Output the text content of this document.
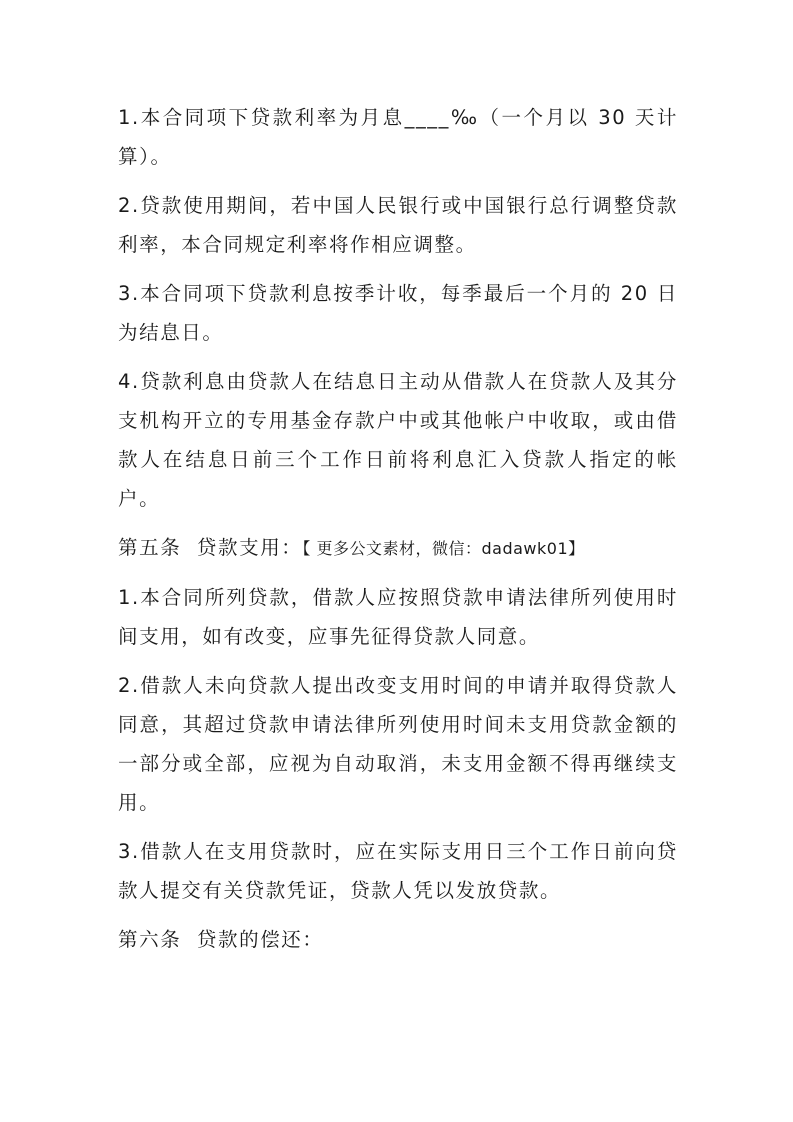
1.本合同项下贷款利率为月息____‰（一个月以 30 天计算）。

2.贷款使用期间，若中国人民银行或中国银行总行调整贷款利率，本合同规定利率将作相应调整。

3.本合同项下贷款利息按季计收，每季最后一个月的 20 日为结息日。

4.贷款利息由贷款人在结息日主动从借款人在贷款人及其分支机构开立的专用基金存款户中或其他帐户中收取，或由借款人在结息日前三个工作日前将利息汇入贷款人指定的帐户。

第五条  贷款支用：【 更多公文素材，微信：dadawk01】

1.本合同所列贷款，借款人应按照贷款申请法律所列使用时间支用，如有改变，应事先征得贷款人同意。

2.借款人未向贷款人提出改变支用时间的申请并取得贷款人同意，其超过贷款申请法律所列使用时间未支用贷款金额的一部分或全部，应视为自动取消，未支用金额不得再继续支用。

3.借款人在支用贷款时，应在实际支用日三个工作日前向贷款人提交有关贷款凭证，贷款人凭以发放贷款。

第六条  贷款的偿还：
